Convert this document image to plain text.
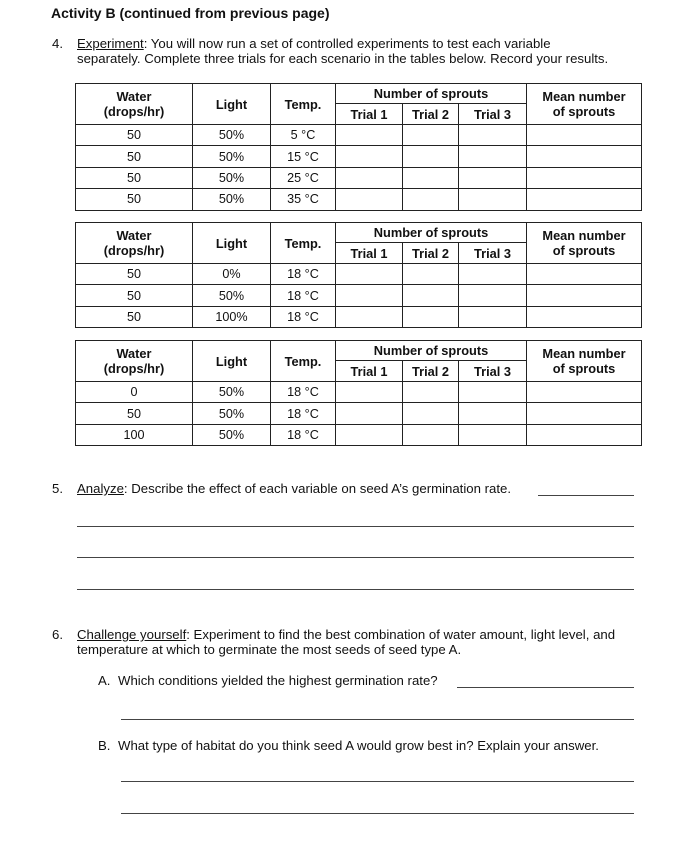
Activity B (continued from previous page)
4. Experiment: You will now run a set of controlled experiments to test each variable
separately. Complete three trials for each scenario in the tables below. Record your results.
Water
(drops/hr)	Light	Temp.	Number of sprouts			Mean number
of sprouts
			Trial 1	Trial 2	Trial 3	
50	50%	5 °C				
50	50%	15 °C				
50	50%	25 °C				
50	50%	35 °C				
Water
(drops/hr)	Light	Temp.	Number of sprouts			Mean number
of sprouts
			Trial 1	Trial 2	Trial 3	
50	0%	18 °C				
50	50%	18 °C				
50	100%	18 °C				
Water
(drops/hr)	Light	Temp.	Number of sprouts			Mean number
of sprouts
			Trial 1	Trial 2	Trial 3	
0	50%	18 °C				
50	50%	18 °C				
100	50%	18 °C				
5. Analyze: Describe the effect of each variable on seed A’s germination rate.
6. Challenge yourself: Experiment to find the best combination of water amount, light level, and
temperature at which to germinate the most seeds of seed type A.
A. Which conditions yielded the highest germination rate?
B. What type of habitat do you think seed A would grow best in? Explain your answer.
